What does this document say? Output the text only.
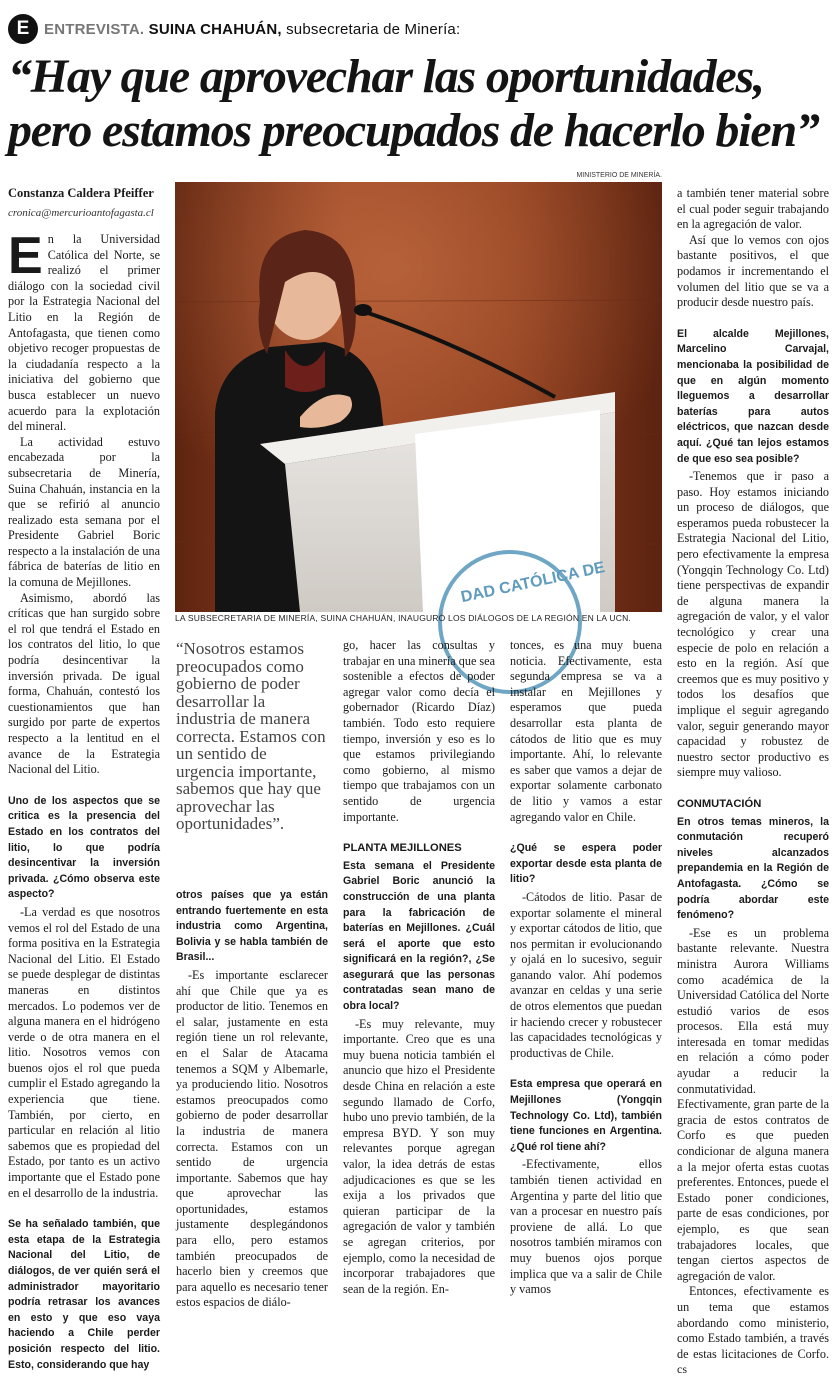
E ENTREVISTA. SUINA CHAHUÁN, subsecretaria de Minería:
“Hay que aprovechar las oportunidades, pero estamos preocupados de hacerlo bien”
Constanza Caldera Pfeiffer
cronica@mercurioantofagasta.cl
MINISTERIO DE MINERÍA.
DAD CATÓLICA DE
LA SUBSECRETARIA DE MINERÍA, SUINA CHAHUÁN, INAUGURÓ LOS DIÁLOGOS DE LA REGIÓN EN LA UCN.

En la Universidad Católica del Norte, se realizó el primer diálogo con la sociedad civil por la Estrategia Nacional del Litio en la Región de Antofagasta, que tienen como objetivo recoger propuestas de la ciudadanía respecto a la iniciativa del gobierno que busca establecer un nuevo acuerdo para la explotación del mineral.

La actividad estuvo encabezada por la subsecretaria de Minería, Suina Chahuán, instancia en la que se refirió al anuncio realizado esta semana por el Presidente Gabriel Boric respecto a la instalación de una fábrica de baterías de litio en la comuna de Mejillones.

Asimismo, abordó las críticas que han surgido sobre el rol que tendrá el Estado en los contratos del litio, lo que podría desincentivar la inversión privada. De igual forma, Chahuán, contestó los cuestionamientos que han surgido por parte de expertos respecto a la lentitud en el avance de la Estrategia Nacional del Litio.

Uno de los aspectos que se critica es la presencia del Estado en los contratos del litio, lo que podría desincentivar la inversión privada. ¿Cómo observa este aspecto?

-La verdad es que nosotros vemos el rol del Estado de una forma positiva en la Estrategia Nacional del Litio. El Estado se puede desplegar de distintas maneras en distintos mercados. Lo podemos ver de alguna manera en el hidrógeno verde o de otra manera en el litio. Nosotros vemos con buenos ojos el rol que pueda cumplir el Estado agregando la experiencia que tiene. También, por cierto, en particular en relación al litio sabemos que es propiedad del Estado, por tanto es un activo importante que el Estado pone en el desarrollo de la industria.

Se ha señalado también, que esta etapa de la Estrategia Nacional del Litio, de diálogos, de ver quién será el administrador mayoritario podría retrasar los avances en esto y que eso vaya haciendo a Chile perder posición respecto del litio. Esto, considerando que hay

“Nosotros estamos preocupados como gobierno de poder desarrollar la industria de manera correcta. Estamos con un sentido de urgencia importante, sabemos que hay que aprovechar las oportunidades”.

otros países que ya están entrando fuertemente en esta industria como Argentina, Bolivia y se habla también de Brasil...

-Es importante esclarecer ahí que Chile que ya es productor de litio. Tenemos en el salar, justamente en esta región tiene un rol relevante, en el Salar de Atacama tenemos a SQM y Albemarle, ya produciendo litio. Nosotros estamos preocupados como gobierno de poder desarrollar la industria de manera correcta. Estamos con un sentido de urgencia importante. Sabemos que hay que aprovechar las oportunidades, estamos justamente desplegándonos para ello, pero estamos también preocupados de hacerlo bien y creemos que para aquello es necesario tener estos espacios de diálo-

go, hacer las consultas y trabajar en una minería que sea sostenible a efectos de poder agregar valor como decía el gobernador (Ricardo Díaz) también. Todo esto requiere tiempo, inversión y eso es lo que estamos privilegiando como gobierno, al mismo tiempo que trabajamos con un sentido de urgencia importante.

PLANTA MEJILLONES

Esta semana el Presidente Gabriel Boric anunció la construcción de una planta para la fabricación de baterías en Mejillones. ¿Cuál será el aporte que esto significará en la región?, ¿Se asegurará que las personas contratadas sean mano de obra local?

-Es muy relevante, muy importante. Creo que es una muy buena noticia también el anuncio que hizo el Presidente desde China en relación a este segundo llamado de Corfo, hubo uno previo también, de la empresa BYD. Y son muy relevantes porque agregan valor, la idea detrás de estas adjudicaciones es que se les exija a los privados que quieran participar de la agregación de valor y también se agregan criterios, por ejemplo, como la necesidad de incorporar trabajadores que sean de la región. En-

tonces, es una muy buena noticia. Efectivamente, esta segunda empresa se va a instalar en Mejillones y esperamos que pueda desarrollar esta planta de cátodos de litio que es muy importante. Ahí, lo relevante es saber que vamos a dejar de exportar solamente carbonato de litio y vamos a estar agregando valor en Chile.

¿Qué se espera poder exportar desde esta planta de litio?

-Cátodos de litio. Pasar de exportar solamente el mineral y exportar cátodos de litio, que nos permitan ir evolucionando y ojalá en lo sucesivo, seguir ganando valor. Ahí podemos avanzar en celdas y una serie de otros elementos que puedan ir haciendo crecer y robustecer las capacidades tecnológicas y productivas de Chile.

Esta empresa que operará en Mejillones (Yongqin Technology Co. Ltd), también tiene funciones en Argentina. ¿Qué rol tiene ahí?

-Efectivamente, ellos también tienen actividad en Argentina y parte del litio que van a procesar en nuestro país proviene de allá. Lo que nosotros también miramos con muy buenos ojos porque implica que va a salir de Chile y vamos

a también tener material sobre el cual poder seguir trabajando en la agregación de valor.

Así que lo vemos con ojos bastante positivos, el que podamos ir incrementando el volumen del litio que se va a producir desde nuestro país.

El alcalde Mejillones, Marcelino Carvajal, mencionaba la posibilidad de que en algún momento lleguemos a desarrollar baterías para autos eléctricos, que nazcan desde aquí. ¿Qué tan lejos estamos de que eso sea posible?

-Tenemos que ir paso a paso. Hoy estamos iniciando un proceso de diálogos, que esperamos pueda robustecer la Estrategia Nacional del Litio, pero efectivamente la empresa (Yongqin Technology Co. Ltd) tiene perspectivas de expandir de alguna manera la agregación de valor, y el valor tecnológico y crear una especie de polo en relación a esto en la región. Así que creemos que es muy positivo y todos los desafíos que implique el seguir agregando valor, seguir generando mayor capacidad y robustez de nuestro sector productivo es siempre muy valioso.

CONMUTACIÓN

En otros temas mineros, la conmutación recuperó niveles alcanzados prepandemia en la Región de Antofagasta. ¿Cómo se podría abordar este fenómeno?

-Ese es un problema bastante relevante. Nuestra ministra Aurora Williams como académica de la Universidad Católica del Norte estudió varios de esos procesos. Ella está muy interesada en tomar medidas en relación a cómo poder ayudar a reducir la conmutatividad. Efectivamente, gran parte de la gracia de estos contratos de Corfo es que pueden condicionar de alguna manera a la mejor oferta estas cuotas preferentes. Entonces, puede el Estado poner condiciones, parte de esas condiciones, por ejemplo, es que sean trabajadores locales, que tengan ciertos aspectos de agregación de valor.

Entonces, efectivamente es un tema que estamos abordando como ministerio, como Estado también, a través de estas licitaciones de Corfo. cs
